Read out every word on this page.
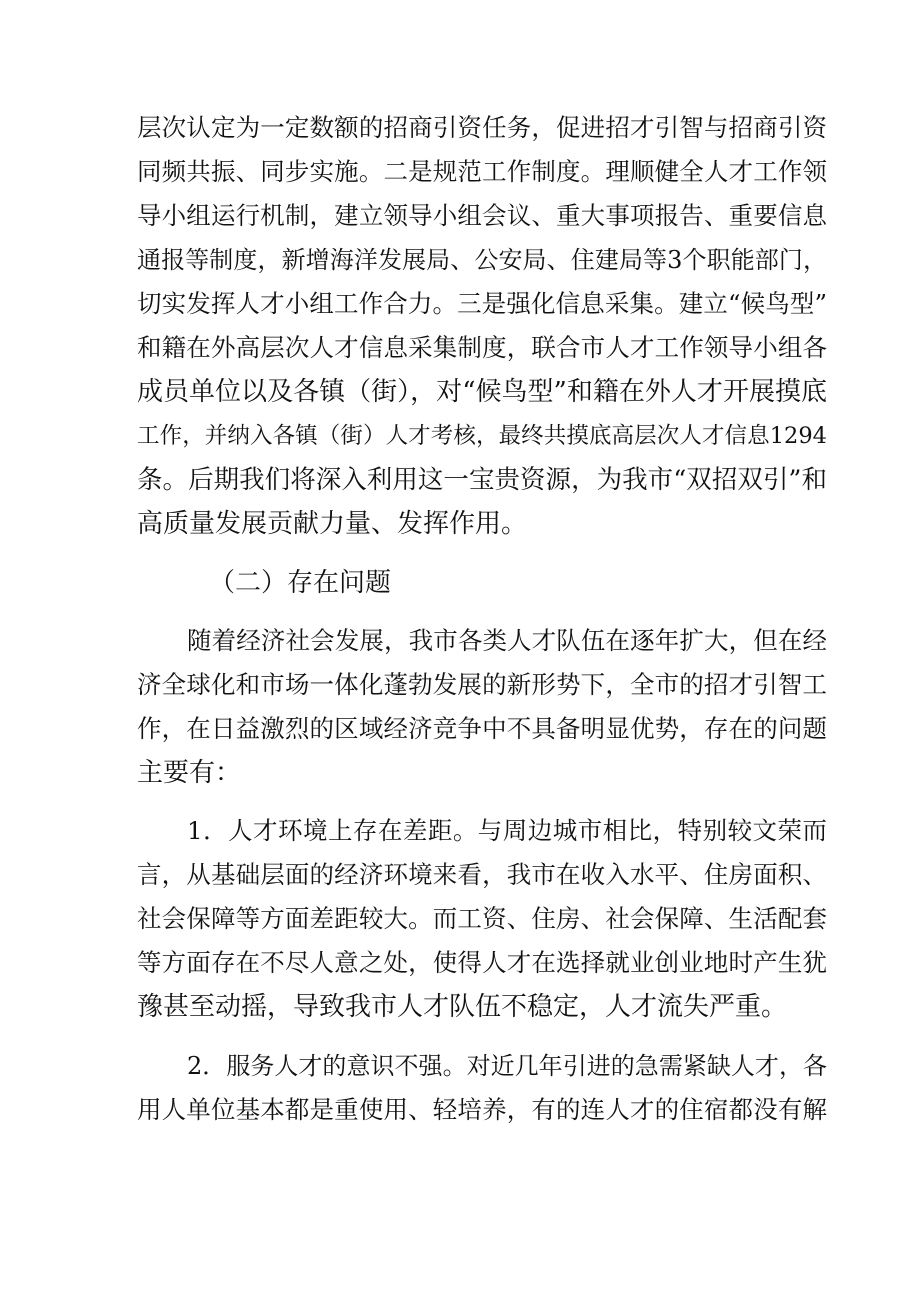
层次认定为一定数额的招商引资任务，促进招才引智与招商引资
同频共振、同步实施。二是规范工作制度。理顺健全人才工作领
导小组运行机制，建立领导小组会议、重大事项报告、重要信息
通报等制度，新增海洋发展局、公安局、住建局等3个职能部门，
切实发挥人才小组工作合力。三是强化信息采集。建立“候鸟型”
和籍在外高层次人才信息采集制度，联合市人才工作领导小组各
成员单位以及各镇（街），对“候鸟型”和籍在外人才开展摸底
工作，并纳入各镇（街）人才考核，最终共摸底高层次人才信息1294
条。后期我们将深入利用这一宝贵资源，为我市“双招双引”和
高质量发展贡献力量、发挥作用。
（二）存在问题
随着经济社会发展，我市各类人才队伍在逐年扩大，但在经
济全球化和市场一体化蓬勃发展的新形势下，全市的招才引智工
作，在日益激烈的区域经济竞争中不具备明显优势，存在的问题
主要有：
1．人才环境上存在差距。与周边城市相比，特别较文荣而
言，从基础层面的经济环境来看，我市在收入水平、住房面积、
社会保障等方面差距较大。而工资、住房、社会保障、生活配套
等方面存在不尽人意之处，使得人才在选择就业创业地时产生犹
豫甚至动摇，导致我市人才队伍不稳定，人才流失严重。
2．服务人才的意识不强。对近几年引进的急需紧缺人才，各
用人单位基本都是重使用、轻培养，有的连人才的住宿都没有解
